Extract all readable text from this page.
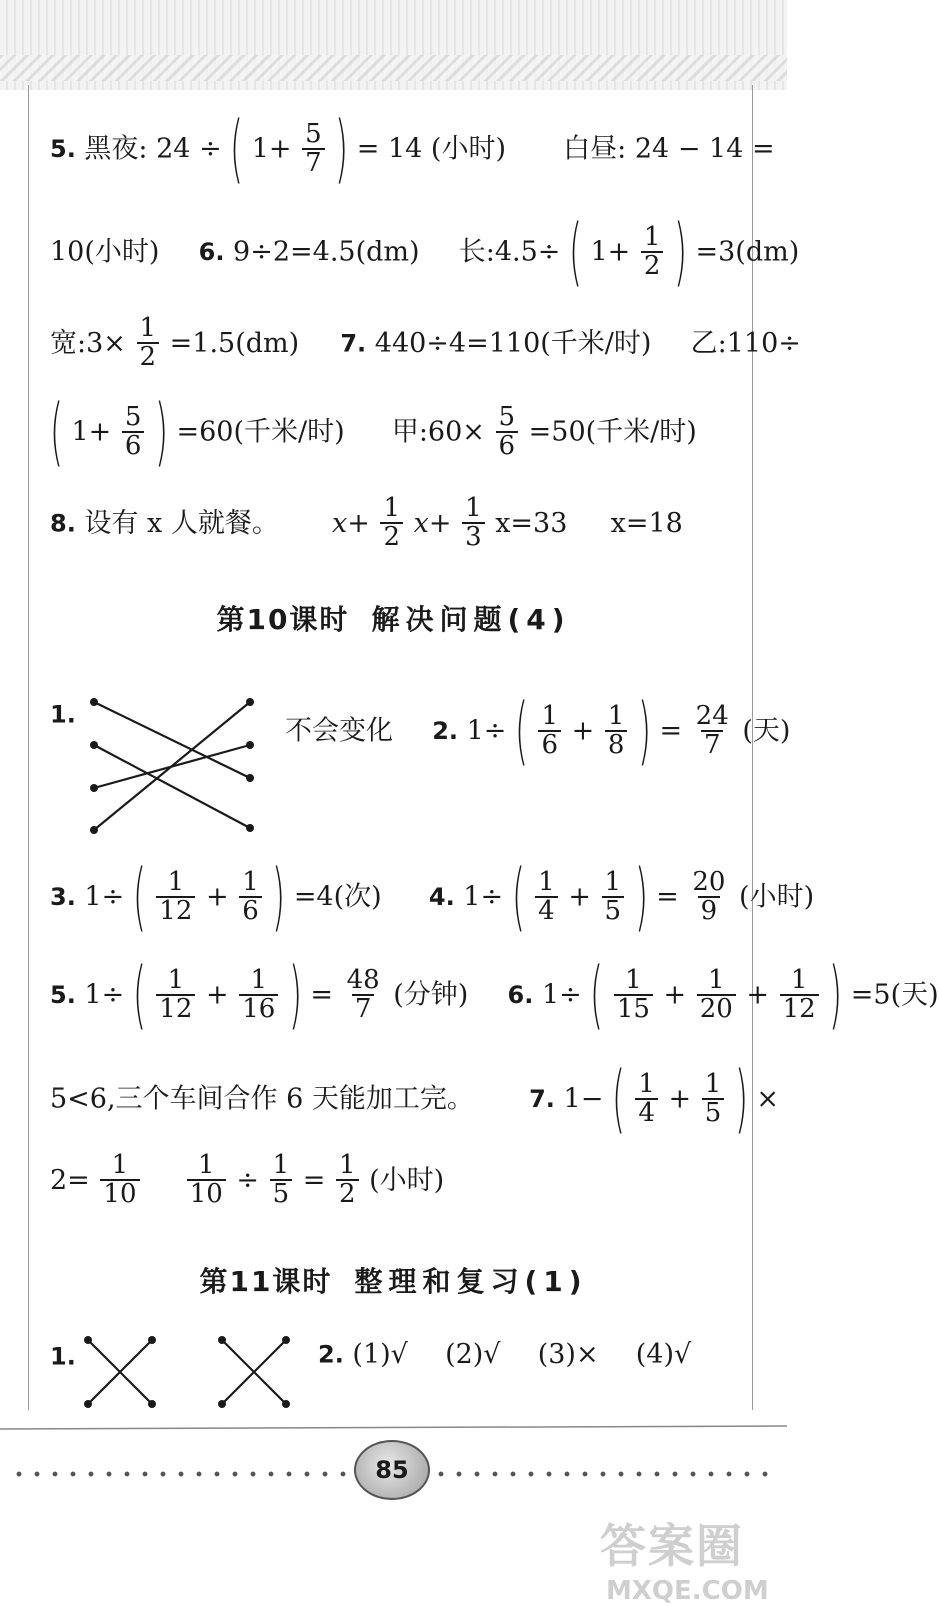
5. 黑夜: 24 ÷ ( $1+ \frac{5}{7}$ ) = 14 (小时) 白昼: 24 − 14 =
10(小时) 6. 9÷2=4.5(dm) 长:4.5÷ ( $1+ \frac{1}{2}$ ) =3(dm)
宽:3× $\frac{1}{2} =1.5(dm)$ 7. 440÷4=110(千米/时) 乙:110÷
( $1+ \frac{5}{6}$ ) =60(千米/时) 甲:60× $\frac{5}{6} =50$(千米/时)
8. 设有 x 人就餐。 $x+ \frac{1}{2} x+ \frac{1}{3} x=33$ x=18
第10课时 解决问题(4)
1.
不会变化 2. 1÷ ( $\frac{1}{6} + \frac{1}{8}$ ) = $\frac{24}{7}$ (天)
3. 1÷ ( $\frac{1}{12} + \frac{1}{6}$ ) =4(次) 4. 1÷ ( $\frac{1}{4} + \frac{1}{5}$ ) = $\frac{20}{9}$ (小时)
5. 1÷ ( $\frac{1}{12} + \frac{1}{16}$ ) = $\frac{48}{7}$ (分钟) 6. 1÷ ( $\frac{1}{15} + \frac{1}{20} + \frac{1}{12}$ ) =5(天)
5<6,三个车间合作 6 天能加工完。 7. 1− ( $\frac{1}{4} + \frac{1}{5}$ ) ×
$2= \frac{1}{10}$
$\frac{1}{10} \div \frac{1}{5} = \frac{1}{2}$ (小时)
第11课时 整理和复习(1)
1.	2. (1)√ (2)√ (3)× (4)√
85
答案圈
MXQE.COM
